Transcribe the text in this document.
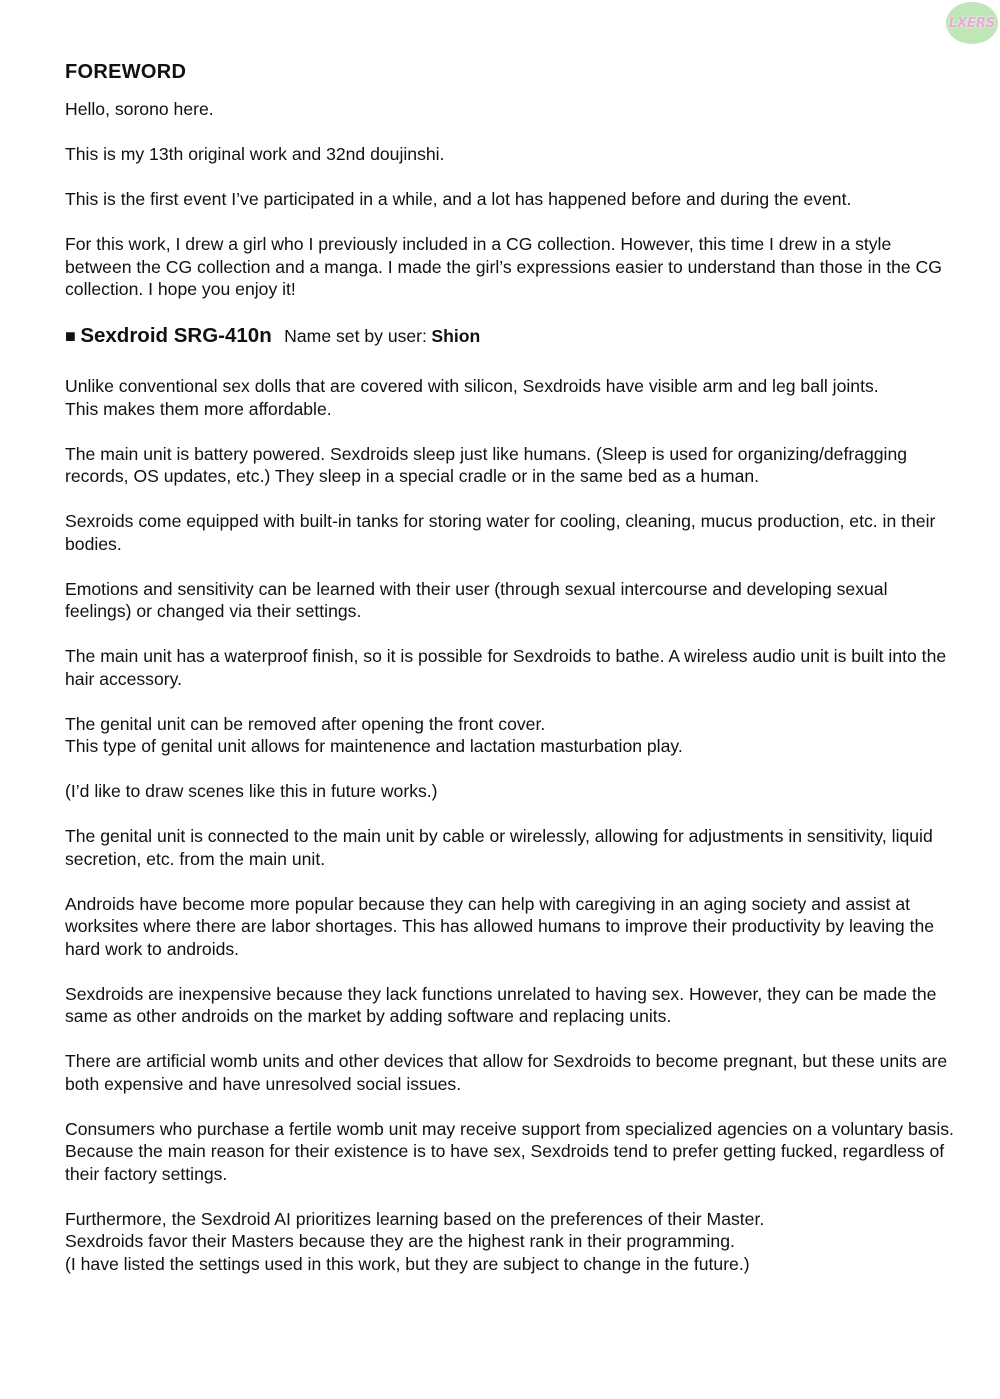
LXERS
FOREWORD

Hello, sorono here.

This is my 13th original work and 32nd doujinshi.

This is the first event I’ve participated in a while, and a lot has happened before and during the event.

For this work, I drew a girl who I previously included in a CG collection. However, this time I drew in a style between the CG collection and a manga. I made the girl’s expressions easier to understand than those in the CG collection. I hope you enjoy it!

■ Sexdroid SRG-410n Name set by user: Shion

Unlike conventional sex dolls that are covered with silicon, Sexdroids have visible arm and leg ball joints.
This makes them more affordable.

The main unit is battery powered. Sexdroids sleep just like humans. (Sleep is used for organizing/defragging records, OS updates, etc.) They sleep in a special cradle or in the same bed as a human.

Sexroids come equipped with built-in tanks for storing water for cooling, cleaning, mucus production, etc. in their bodies.

Emotions and sensitivity can be learned with their user (through sexual intercourse and developing sexual feelings) or changed via their settings.

The main unit has a waterproof finish, so it is possible for Sexdroids to bathe. A wireless audio unit is built into the hair accessory.

The genital unit can be removed after opening the front cover.
This type of genital unit allows for maintenence and lactation masturbation play.

(I’d like to draw scenes like this in future works.)

The genital unit is connected to the main unit by cable or wirelessly, allowing for adjustments in sensitivity, liquid secretion, etc. from the main unit.

Androids have become more popular because they can help with caregiving in an aging society and assist at worksites where there are labor shortages. This has allowed humans to improve their productivity by leaving the hard work to androids.

Sexdroids are inexpensive because they lack functions unrelated to having sex. However, they can be made the same as other androids on the market by adding software and replacing units.

There are artificial womb units and other devices that allow for Sexdroids to become pregnant, but these units are both expensive and have unresolved social issues.

Consumers who purchase a fertile womb unit may receive support from specialized agencies on a voluntary basis. Because the main reason for their existence is to have sex, Sexdroids tend to prefer getting fucked, regardless of their factory settings.

Furthermore, the Sexdroid AI prioritizes learning based on the preferences of their Master.
Sexdroids favor their Masters because they are the highest rank in their programming.
(I have listed the settings used in this work, but they are subject to change in the future.)
